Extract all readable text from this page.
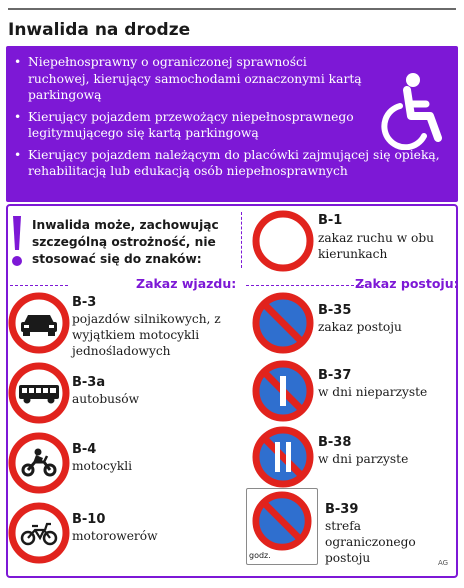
Inwalida na drodze
• Niepełnosprawny o ograniczonej sprawności ruchowej, kierujący samochodami oznaczonymi kartą parkingową
• Kierujący pojazdem przewożący niepełnosprawnego legitymującego się kartą parkingową
• Kierujący pojazdem należącym do placówki zajmującej się opieką, rehabilitacją lub edukacją osób niepełnosprawnych
Inwalida może, zachowując szczególną ostrożność, nie stosować się do znaków:
B-1
zakaz ruchu w obu kierunkach
Zakaz wjazdu:	Zakaz postoju:
B-3
pojazdów silnikowych, z wyjątkiem motocykli jednośladowych
B-3a
autobusów
B-4
motocykli
B-10
motorowerów
B-35
zakaz postoju
B-37
w dni nieparzyste
B-38
w dni parzyste
godz.
B-39
strefa ograniczonego postoju	AG
